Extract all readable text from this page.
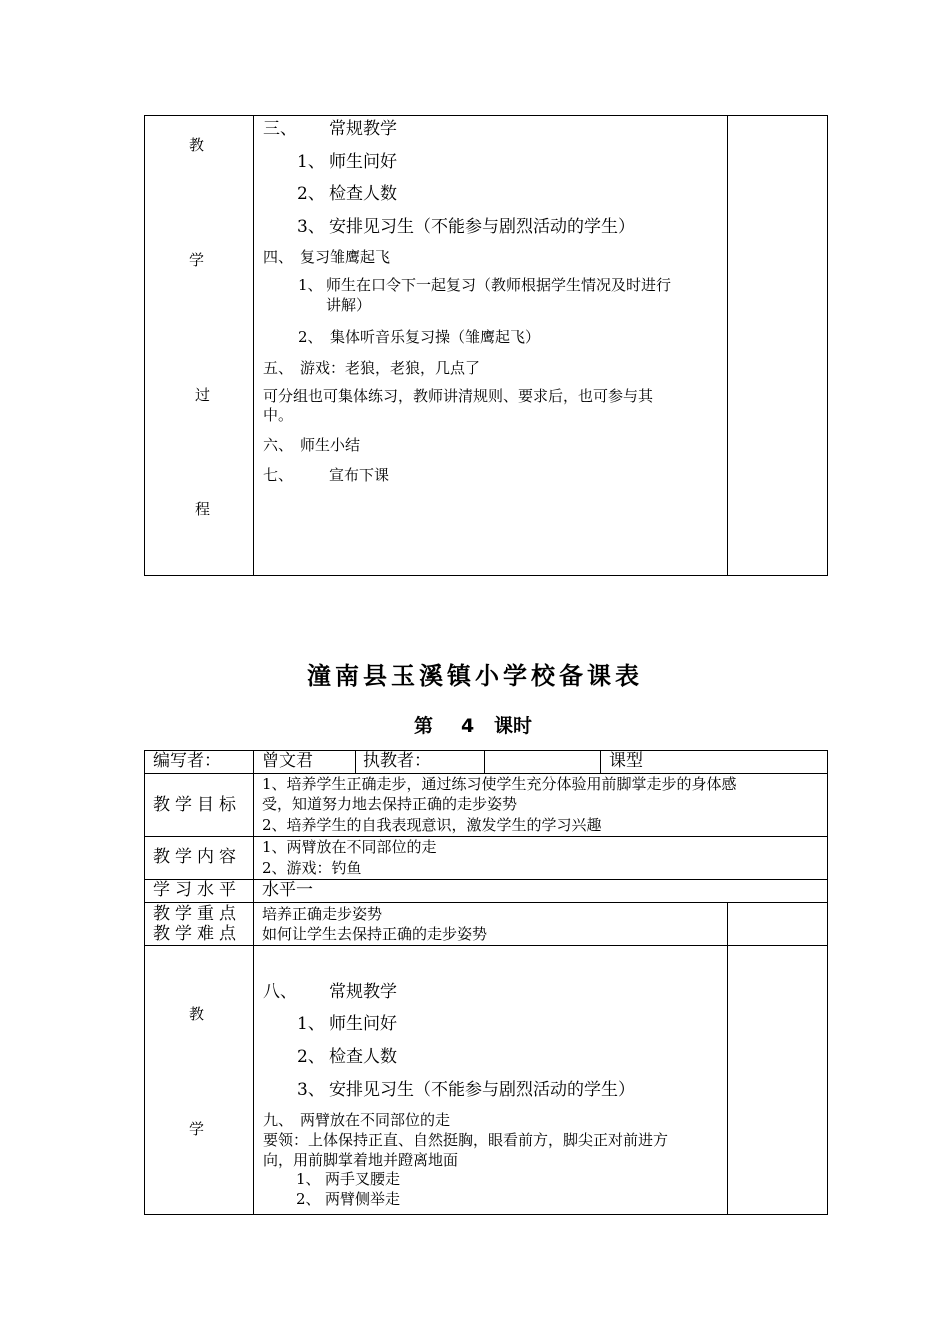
教
学
过
程
三、 常规教学
1、 师生问好
2、 检查人数
3、 安排见习生（不能参与剧烈活动的学生）
四、 复习雏鹰起飞
1、 师生在口令下一起复习（教师根据学生情况及时进行
讲解）
2、 集体听音乐复习操（雏鹰起飞）
五、 游戏：老狼，老狼，几点了
可分组也可集体练习，教师讲清规则、要求后，也可参与其
中。
六、 师生小结
七、 宣布下课
潼南县玉溪镇小学校备课表
第 4 课时
编写者： 曾文君	执教者：	课型
教学目标
1、培养学生正确走步，通过练习使学生充分体验用前脚掌走步的身体感
受，知道努力地去保持正确的走步姿势
2、培养学生的自我表现意识，激发学生的学习兴趣
教学内容 1、两臂放在不同部位的走
2、游戏：钓鱼
学习水平 水平一
教学重点
教学难点
培养正确走步姿势
如何让学生去保持正确的走步姿势
教
学
八、 常规教学
1、 师生问好
2、 检查人数
3、 安排见习生（不能参与剧烈活动的学生）
九、 两臂放在不同部位的走
要领：上体保持正直、自然挺胸，眼看前方，脚尖正对前进方
向，用前脚掌着地并蹬离地面
1、 两手叉腰走
2、 两臂侧举走
